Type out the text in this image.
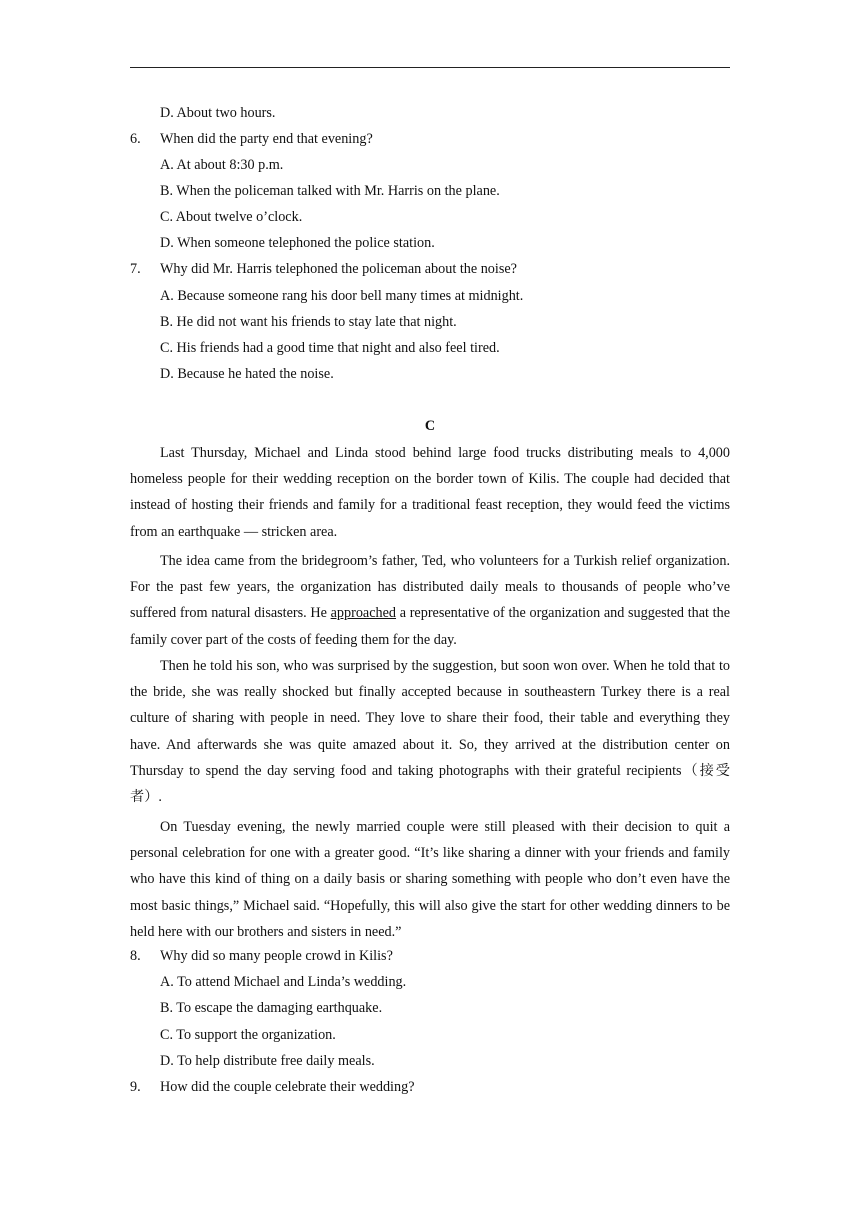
D. About two hours.
6. When did the party end that evening?
A. At about 8:30 p.m.
B. When the policeman talked with Mr. Harris on the plane.
C. About twelve o’clock.
D. When someone telephoned the police station.
7. Why did Mr. Harris telephoned the policeman about the noise?
A. Because someone rang his door bell many times at midnight.
B. He did not want his friends to stay late that night.
C. His friends had a good time that night and also feel tired.
D. Because he hated the noise.
C
Last Thursday, Michael and Linda stood behind large food trucks distributing meals to 4,000 homeless people for their wedding reception on the border town of Kilis. The couple had decided that instead of hosting their friends and family for a traditional feast reception, they would feed the victims from an earthquake — stricken area.
The idea came from the bridegroom’s father, Ted, who volunteers for a Turkish relief organization. For the past few years, the organization has distributed daily meals to thousands of people who’ve suffered from natural disasters. He approached a representative of the organization and suggested that the family cover part of the costs of feeding them for the day.
Then he told his son, who was surprised by the suggestion, but soon won over. When he told that to the bride, she was really shocked but finally accepted because in southeastern Turkey there is a real culture of sharing with people in need. They love to share their food, their table and everything they have. And afterwards she was quite amazed about it. So, they arrived at the distribution center on Thursday to spend the day serving food and taking photographs with their grateful recipients（接受者）.
On Tuesday evening, the newly married couple were still pleased with their decision to quit a personal celebration for one with a greater good. “It’s like sharing a dinner with your friends and family who have this kind of thing on a daily basis or sharing something with people who don’t even have the most basic things,” Michael said. “Hopefully, this will also give the start for other wedding dinners to be held here with our brothers and sisters in need.”
8. Why did so many people crowd in Kilis?
A. To attend Michael and Linda’s wedding.
B. To escape the damaging earthquake.
C. To support the organization.
D. To help distribute free daily meals.
9. How did the couple celebrate their wedding?
